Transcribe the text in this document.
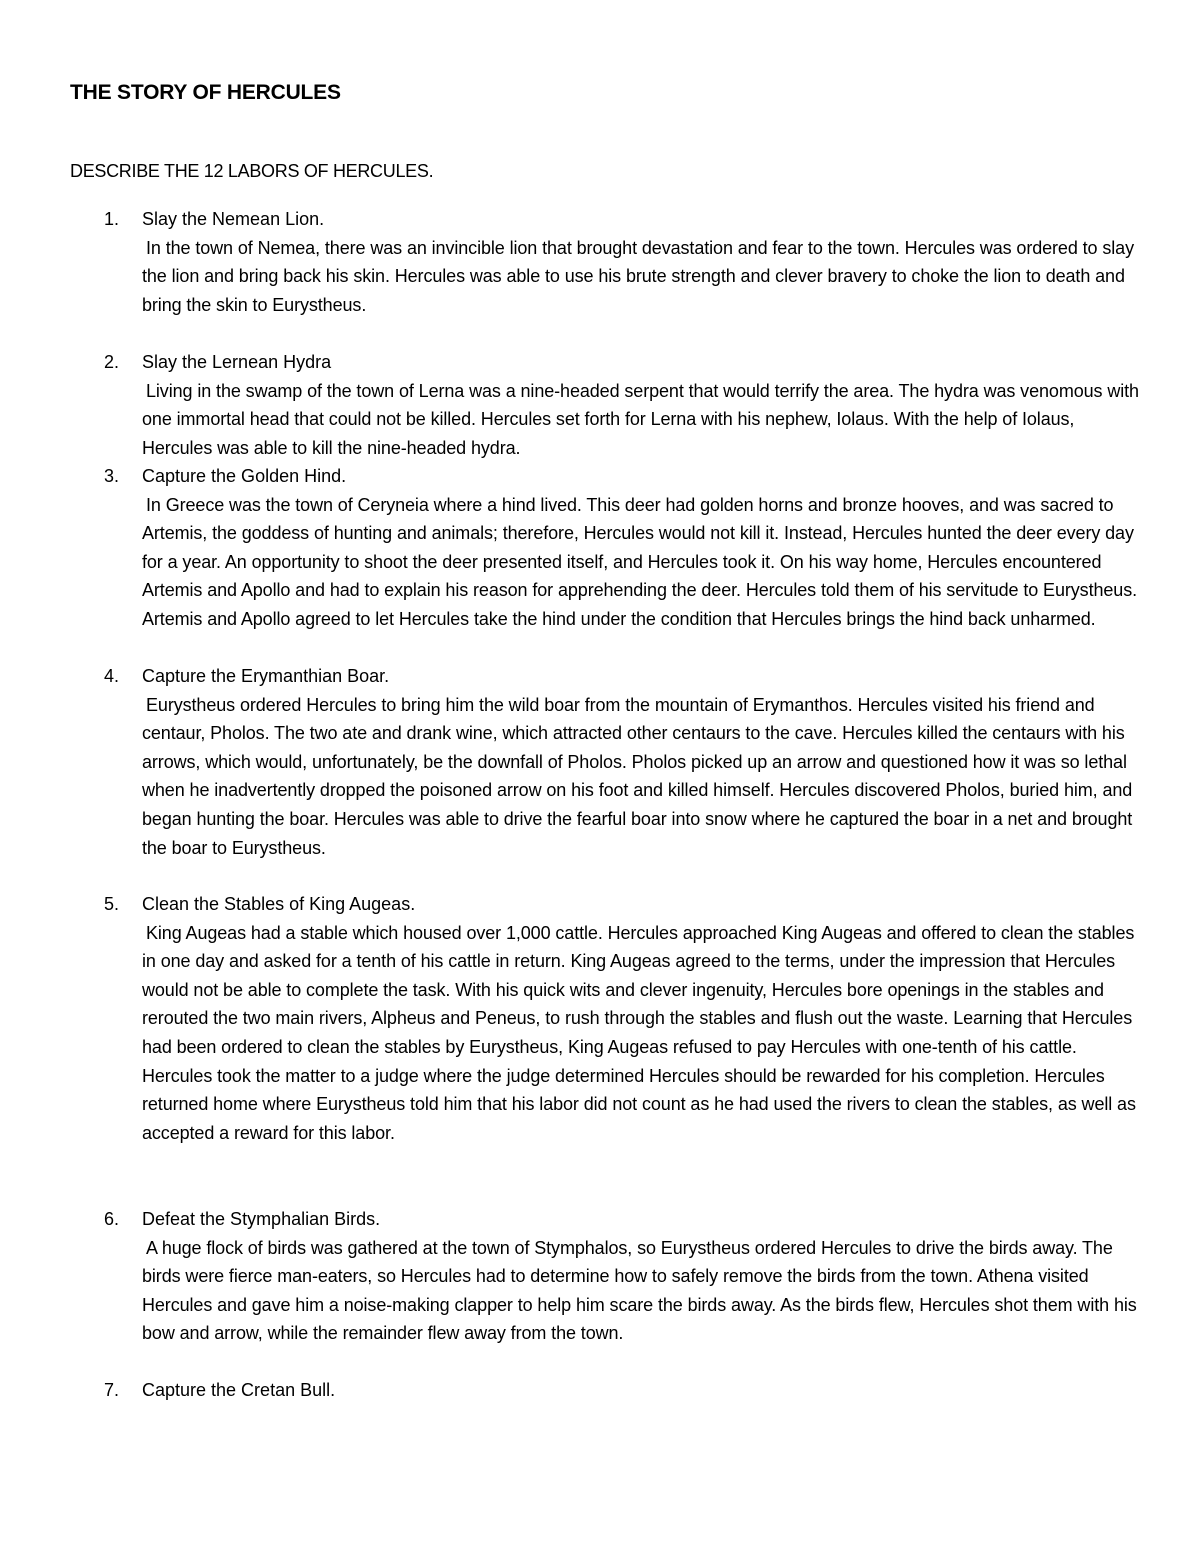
THE STORY OF HERCULES
DESCRIBE THE 12 LABORS OF HERCULES.
1.	Slay the Nemean Lion.
In the town of Nemea, there was an invincible lion that brought devastation and fear to the town. Hercules was ordered to slay the lion and bring back his skin. Hercules was able to use his brute strength and clever bravery to choke the lion to death and bring the skin to Eurystheus.
2.	Slay the Lernean Hydra
Living in the swamp of the town of Lerna was a nine-headed serpent that would terrify the area. The hydra was venomous with one immortal head that could not be killed. Hercules set forth for Lerna with his nephew, Iolaus. With the help of Iolaus, Hercules was able to kill the nine-headed hydra.
3.	Capture the Golden Hind.
In Greece was the town of Ceryneia where a hind lived. This deer had golden horns and bronze hooves, and was sacred to Artemis, the goddess of hunting and animals; therefore, Hercules would not kill it. Instead, Hercules hunted the deer every day for a year. An opportunity to shoot the deer presented itself, and Hercules took it. On his way home, Hercules encountered Artemis and Apollo and had to explain his reason for apprehending the deer. Hercules told them of his servitude to Eurystheus. Artemis and Apollo agreed to let Hercules take the hind under the condition that Hercules brings the hind back unharmed.
4.	Capture the Erymanthian Boar.
Eurystheus ordered Hercules to bring him the wild boar from the mountain of Erymanthos. Hercules visited his friend and centaur, Pholos. The two ate and drank wine, which attracted other centaurs to the cave. Hercules killed the centaurs with his arrows, which would, unfortunately, be the downfall of Pholos. Pholos picked up an arrow and questioned how it was so lethal when he inadvertently dropped the poisoned arrow on his foot and killed himself. Hercules discovered Pholos, buried him, and began hunting the boar. Hercules was able to drive the fearful boar into snow where he captured the boar in a net and brought the boar to Eurystheus.
5.	Clean the Stables of King Augeas.
King Augeas had a stable which housed over 1,000 cattle. Hercules approached King Augeas and offered to clean the stables in one day and asked for a tenth of his cattle in return. King Augeas agreed to the terms, under the impression that Hercules would not be able to complete the task. With his quick wits and clever ingenuity, Hercules bore openings in the stables and rerouted the two main rivers, Alpheus and Peneus, to rush through the stables and flush out the waste. Learning that Hercules had been ordered to clean the stables by Eurystheus, King Augeas refused to pay Hercules with one-tenth of his cattle. Hercules took the matter to a judge where the judge determined Hercules should be rewarded for his completion. Hercules returned home where Eurystheus told him that his labor did not count as he had used the rivers to clean the stables, as well as accepted a reward for this labor.
6.	Defeat the Stymphalian Birds.
A huge flock of birds was gathered at the town of Stymphalos, so Eurystheus ordered Hercules to drive the birds away. The birds were fierce man-eaters, so Hercules had to determine how to safely remove the birds from the town. Athena visited Hercules and gave him a noise-making clapper to help him scare the birds away. As the birds flew, Hercules shot them with his bow and arrow, while the remainder flew away from the town.
7.	Capture the Cretan Bull.
